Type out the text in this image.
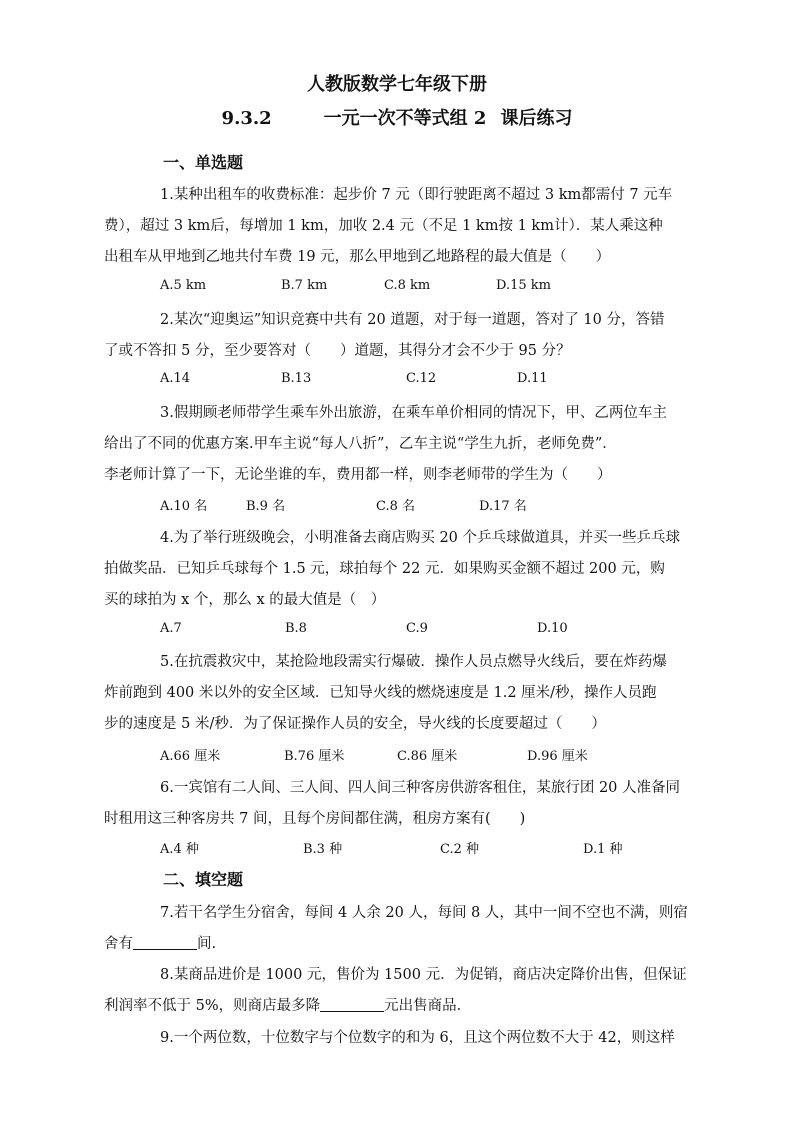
人教版数学七年级下册
9.3.2	一元一次不等式组 2 课后练习
一、单选题
1.某种出租车的收费标准：起步价 7 元（即行驶距离不超过 3 km都需付 7 元车
费），超过 3 km后，每增加 1 km，加收 2.4 元（不足 1 km按 1 km计）．某人乘这种
出租车从甲地到乙地共付车费 19 元，那么甲地到乙地路程的最大值是（　　）
A.5 km	B.7 km	C.8 km	D.15 km
2.某次“迎奥运”知识竞赛中共有 20 道题，对于每一道题，答对了 10 分，答错
了或不答扣 5 分，至少要答对（　　）道题，其得分才会不少于 95 分？
A.14	B.13	C.12	D.11
3.假期顾老师带学生乘车外出旅游，在乘车单价相同的情况下，甲、乙两位车主
给出了不同的优惠方案.甲车主说“每人八折”，乙车主说“学生九折，老师免费”．
李老师计算了一下，无论坐谁的车，费用都一样，则李老师带的学生为（　　）
A.10 名	B.9 名	C.8 名	D.17 名
4.为了举行班级晚会，小明准备去商店购买 20 个乒乓球做道具，并买一些乒乓球
拍做奖品．已知乒乓球每个 1.5 元，球拍每个 22 元．如果购买金额不超过 200 元，购
买的球拍为 x 个，那么 x 的最大值是（　）
A.7	B.8	C.9	D.10
5.在抗震救灾中，某抢险地段需实行爆破．操作人员点燃导火线后，要在炸药爆
炸前跑到 400 米以外的安全区域．已知导火线的燃烧速度是 1.2 厘米/秒，操作人员跑
步的速度是 5 米/秒．为了保证操作人员的安全，导火线的长度要超过（　　）
A.66 厘米	B.76 厘米	C.86 厘米	D.96 厘米
6.一宾馆有二人间、三人间、四人间三种客房供游客租住，某旅行团 20 人准备同
时租用这三种客房共 7 间，且每个房间都住满，租房方案有(　　)
A.4 种	B.3 种	C.2 种	D.1 种
二、填空题
7.若干名学生分宿舍，每间 4 人余 20 人，每间 8 人，其中一间不空也不满，则宿
舍有	间.
8.某商品进价是 1000 元，售价为 1500 元．为促销，商店决定降价出售，但保证
利润率不低于 5%，则商店最多降	元出售商品．
9.一个两位数，十位数字与个位数字的和为 6，且这个两位数不大于 42，则这样
